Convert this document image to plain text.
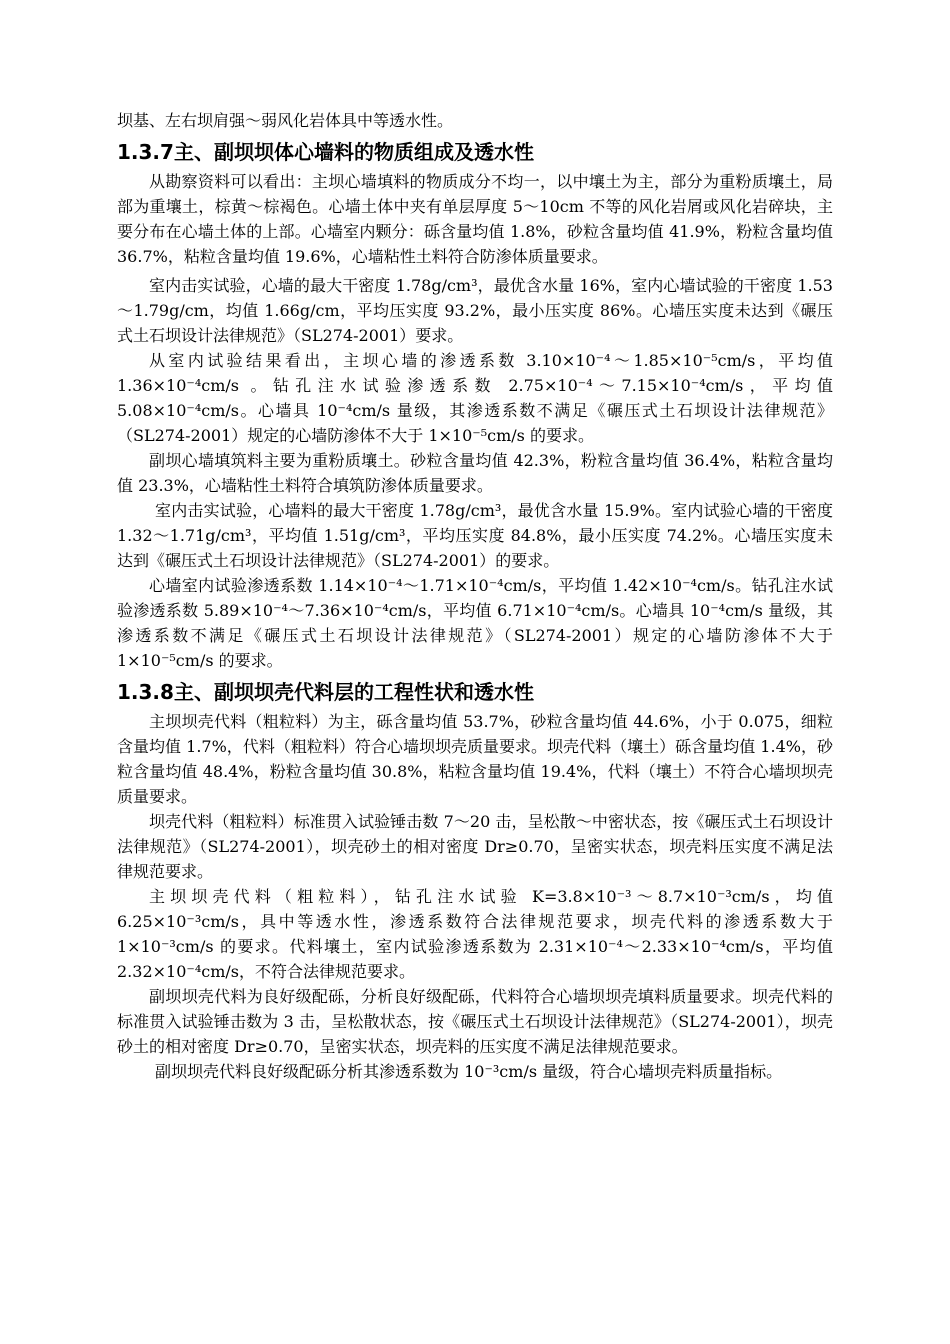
坝基、左右坝肩强～弱风化岩体具中等透水性。

1.3.7主、副坝坝体心墙料的物质组成及透水性

从勘察资料可以看出：主坝心墙填料的物质成分不均一，以中壤土为主，部分为重粉质壤土，局部为重壤土，棕黄～棕褐色。心墙土体中夹有单层厚度 5～10cm 不等的风化岩屑或风化岩碎块，主要分布在心墙土体的上部。心墙室内颗分：砾含量均值 1.8%，砂粒含量均值 41.9%，粉粒含量均值 36.7%，粘粒含量均值 19.6%，心墙粘性土料符合防渗体质量要求。

室内击实试验，心墙的最大干密度 1.78g/cm³，最优含水量 16%，室内心墙试验的干密度 1.53～1.79g/cm，均值 1.66g/cm，平均压实度 93.2%，最小压实度 86%。心墙压实度未达到《碾压式土石坝设计法律规范》（SL274-2001）要求。

从室内试验结果看出，主坝心墙的渗透系数 3.10×10⁻⁴～1.85×10⁻⁵cm/s，平均值 1.36×10⁻⁴cm/s 。钻孔注水试验渗透系数 2.75×10⁻⁴～7.15×10⁻⁴cm/s，平均值 5.08×10⁻⁴cm/s。心墙具 10⁻⁴cm/s 量级，其渗透系数不满足《碾压式土石坝设计法律规范》（SL274-2001）规定的心墙防渗体不大于 1×10⁻⁵cm/s 的要求。

副坝心墙填筑料主要为重粉质壤土。砂粒含量均值 42.3%，粉粒含量均值 36.4%，粘粒含量均值 23.3%，心墙粘性土料符合填筑防渗体质量要求。

室内击实试验，心墙料的最大干密度 1.78g/cm³，最优含水量 15.9%。室内试验心墙的干密度 1.32～1.71g/cm³，平均值 1.51g/cm³，平均压实度 84.8%，最小压实度 74.2%。心墙压实度未达到《碾压式土石坝设计法律规范》（SL274-2001）的要求。

心墙室内试验渗透系数 1.14×10⁻⁴～1.71×10⁻⁴cm/s，平均值 1.42×10⁻⁴cm/s。钻孔注水试验渗透系数 5.89×10⁻⁴～7.36×10⁻⁴cm/s，平均值 6.71×10⁻⁴cm/s。心墙具 10⁻⁴cm/s 量级，其渗透系数不满足《碾压式土石坝设计法律规范》（SL274-2001）规定的心墙防渗体不大于 1×10⁻⁵cm/s 的要求。

1.3.8主、副坝坝壳代料层的工程性状和透水性

主坝坝壳代料（粗粒料）为主，砾含量均值 53.7%，砂粒含量均值 44.6%，小于 0.075，细粒含量均值 1.7%，代料（粗粒料）符合心墙坝坝壳质量要求。坝壳代料（壤土）砾含量均值 1.4%，砂粒含量均值 48.4%，粉粒含量均值 30.8%，粘粒含量均值 19.4%，代料（壤土）不符合心墙坝坝壳质量要求。

坝壳代料（粗粒料）标准贯入试验锤击数 7～20 击，呈松散～中密状态，按《碾压式土石坝设计法律规范》（SL274-2001），坝壳砂土的相对密度 Dr≥0.70，呈密实状态，坝壳料压实度不满足法律规范要求。

主坝坝壳代料（粗粒料），钻孔注水试验 K=3.8×10⁻³～8.7×10⁻³cm/s，均值 6.25×10⁻³cm/s，具中等透水性，渗透系数符合法律规范要求，坝壳代料的渗透系数大于 1×10⁻³cm/s 的要求。代料壤土，室内试验渗透系数为 2.31×10⁻⁴～2.33×10⁻⁴cm/s，平均值 2.32×10⁻⁴cm/s，不符合法律规范要求。

副坝坝壳代料为良好级配砾，分析良好级配砾，代料符合心墙坝坝壳填料质量要求。坝壳代料的标准贯入试验锤击数为 3 击，呈松散状态，按《碾压式土石坝设计法律规范》（SL274-2001），坝壳砂土的相对密度 Dr≥0.70，呈密实状态，坝壳料的压实度不满足法律规范要求。

副坝坝壳代料良好级配砾分析其渗透系数为 10⁻³cm/s 量级，符合心墙坝壳料质量指标。
